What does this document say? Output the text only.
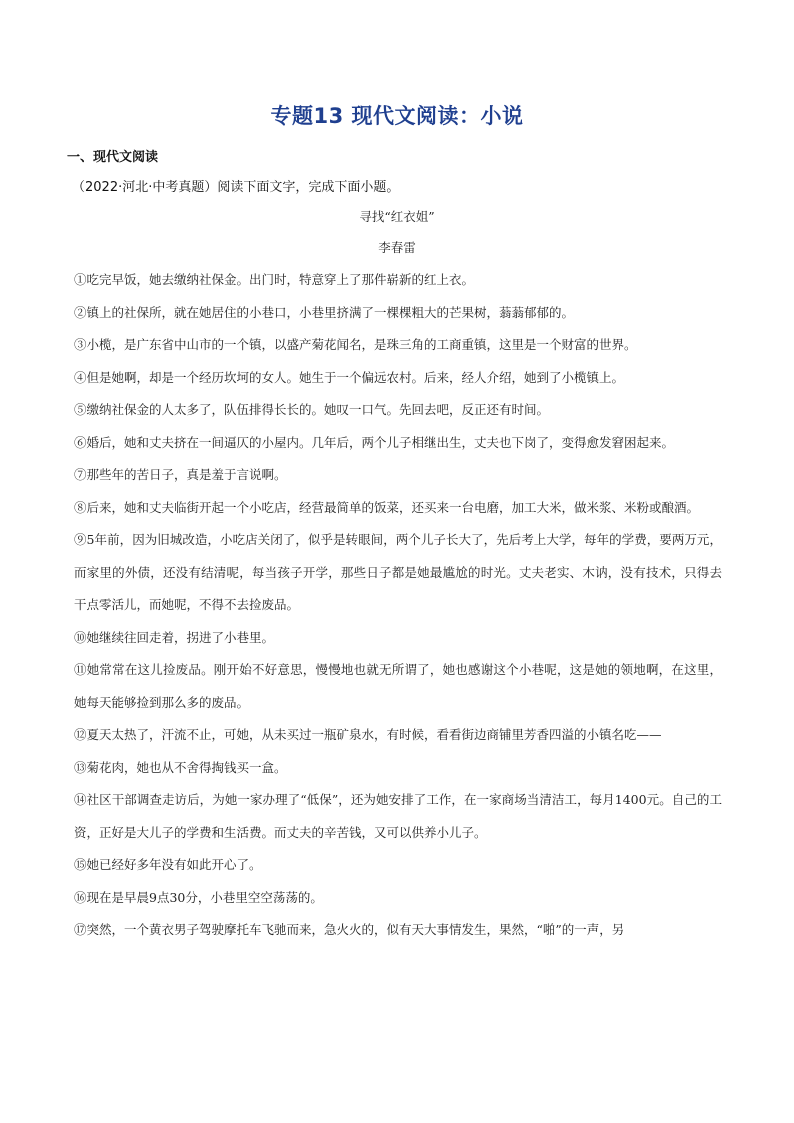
专题13 现代文阅读：小说
一、现代文阅读
（2022·河北·中考真题）阅读下面文字，完成下面小题。
寻找“红衣姐”
李春雷

①吃完早饭，她去缴纳社保金。出门时，特意穿上了那件崭新的红上衣。

②镇上的社保所，就在她居住的小巷口，小巷里挤满了一棵棵粗大的芒果树，蓊蓊郁郁的。

③小榄，是广东省中山市的一个镇，以盛产菊花闻名，是珠三角的工商重镇，这里是一个财富的世界。

④但是她啊，却是一个经历坎坷的女人。她生于一个偏远农村。后来，经人介绍，她到了小榄镇上。

⑤缴纳社保金的人太多了，队伍排得长长的。她叹一口气。先回去吧，反正还有时间。

⑥婚后，她和丈夫挤在一间逼仄的小屋内。几年后，两个儿子相继出生，丈夫也下岗了，变得愈发窘困起来。

⑦那些年的苦日子，真是羞于言说啊。

⑧后来，她和丈夫临街开起一个小吃店，经营最简单的饭菜，还买来一台电磨，加工大米，做米浆、米粉或酿酒。

⑨5年前，因为旧城改造，小吃店关闭了，似乎是转眼间，两个儿子长大了，先后考上大学，每年的学费，要两万元，而家里的外债，还没有结清呢，每当孩子开学，那些日子都是她最尴尬的时光。丈夫老实、木讷，没有技术，只得去干点零活儿，而她呢，不得不去捡废品。

⑩她继续往回走着，拐进了小巷里。

⑪她常常在这儿捡废品。刚开始不好意思，慢慢地也就无所谓了，她也感谢这个小巷呢，这是她的领地啊，在这里，她每天能够捡到那么多的废品。

⑫夏天太热了，汗流不止，可她，从未买过一瓶矿泉水，有时候，看看街边商铺里芳香四溢的小镇名吃——

⑬菊花肉，她也从不舍得掏钱买一盒。

⑭社区干部调查走访后，为她一家办理了“低保”，还为她安排了工作，在一家商场当清洁工，每月1400元。自己的工资，正好是大儿子的学费和生活费。而丈夫的辛苦钱，又可以供养小儿子。

⑮她已经好多年没有如此开心了。

⑯现在是早晨9点30分，小巷里空空荡荡的。

⑰突然，一个黄衣男子驾驶摩托车飞驰而来，急火火的，似有天大事情发生，果然，“啪”的一声，另
